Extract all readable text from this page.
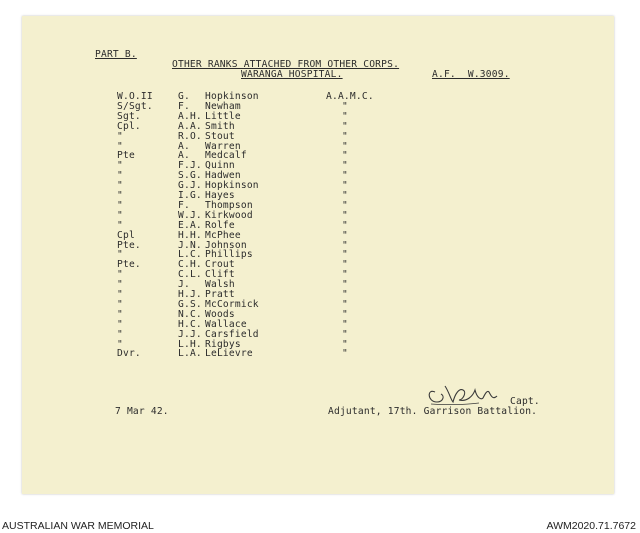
PART B.

OTHER RANKS ATTACHED FROM OTHER CORPS.

A.F.  W.3009.

WARANGA HOSPITAL.
W.O.II	G. Hopkinson	A.A.M.C.
S/Sgt.	F. Newham	"
Sgt.	A.H. Little	"
Cpl.	A.A. Smith	"
"	R.O. Stout	"
"	A. Warren	"
Pte	A. Medcalf	"
"	F.J. Quinn	"
"	S.G. Hadwen	"
"	G.J. Hopkinson	"
"	I.G. Hayes	"
"	F. Thompson	"
"	W.J. Kirkwood	"
"	E.A. Rolfe	"
Cpl	H.H. McPhee	"
Pte.	J.N. Johnson	"
"	L.C. Phillips	"
Pte.	C.H. Crout	"
"	C.L. Clift	"
"	J. Walsh	"
"	H.J. Pratt	"
"	G.S. McCormick	"
"	N.C. Woods	"
"	H.C. Wallace	"
"	J.J. Carsfield	"
"	L.H. Rigbys	"
Dvr.	L.A. LeLievre	"
Capt.
7 Mar 42.	Adjutant, 17th. Garrison Battalion.
AUSTRALIAN WAR MEMORIAL	AWM2020.71.7672
